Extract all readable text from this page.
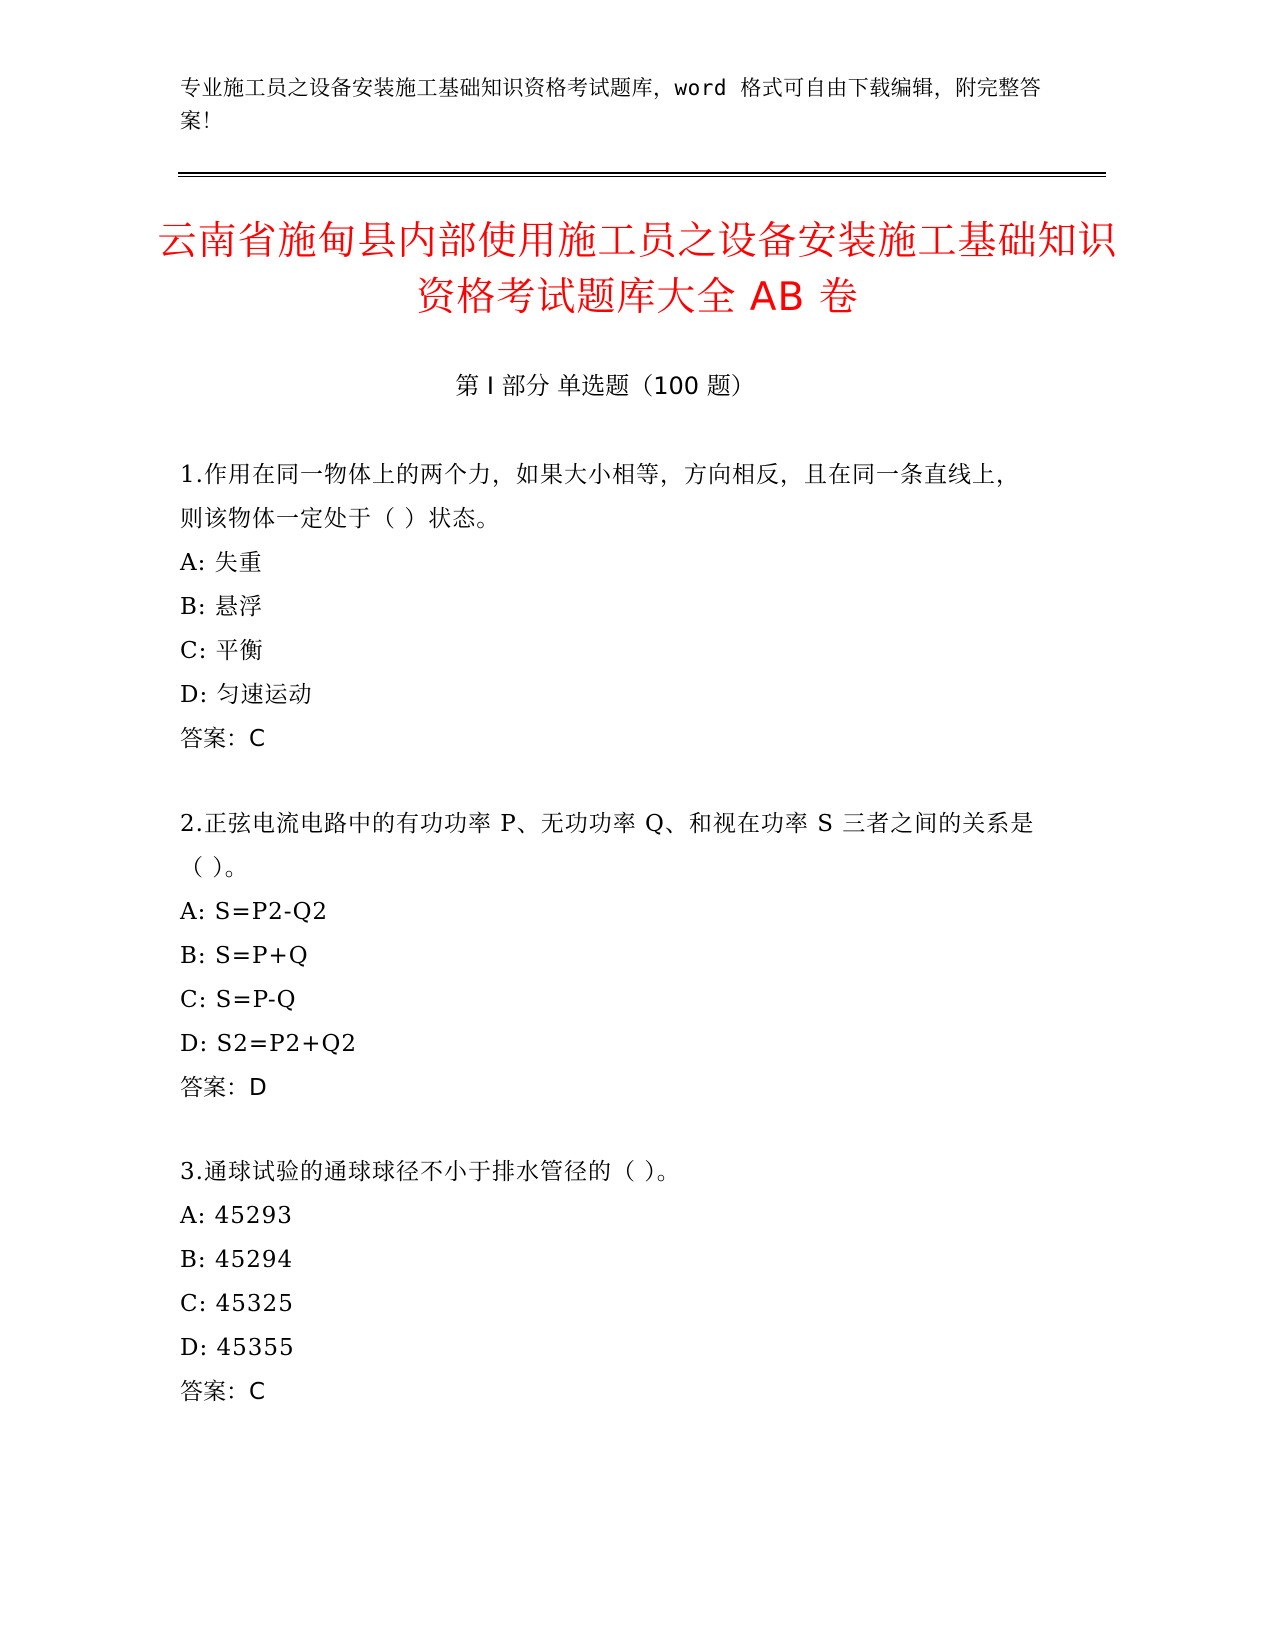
专业施工员之设备安装施工基础知识资格考试题库，word 格式可自由下载编辑，附完整答案！
云南省施甸县内部使用施工员之设备安装施工基础知识资格考试题库大全 AB 卷
第 I 部分 单选题（100 题）
1.作用在同一物体上的两个力，如果大小相等，方向相反，且在同一条直线上，则该物体一定处于（ ）状态。
A: 失重
B: 悬浮
C: 平衡
D: 匀速运动
答案：C
2.正弦电流电路中的有功功率 P、无功功率 Q、和视在功率 S 三者之间的关系是（ ）。
A: S=P2-Q2
B: S=P+Q
C: S=P-Q
D: S2=P2+Q2
答案：D
3.通球试验的通球球径不小于排水管径的（ ）。
A: 45293
B: 45294
C: 45325
D: 45355
答案：C
